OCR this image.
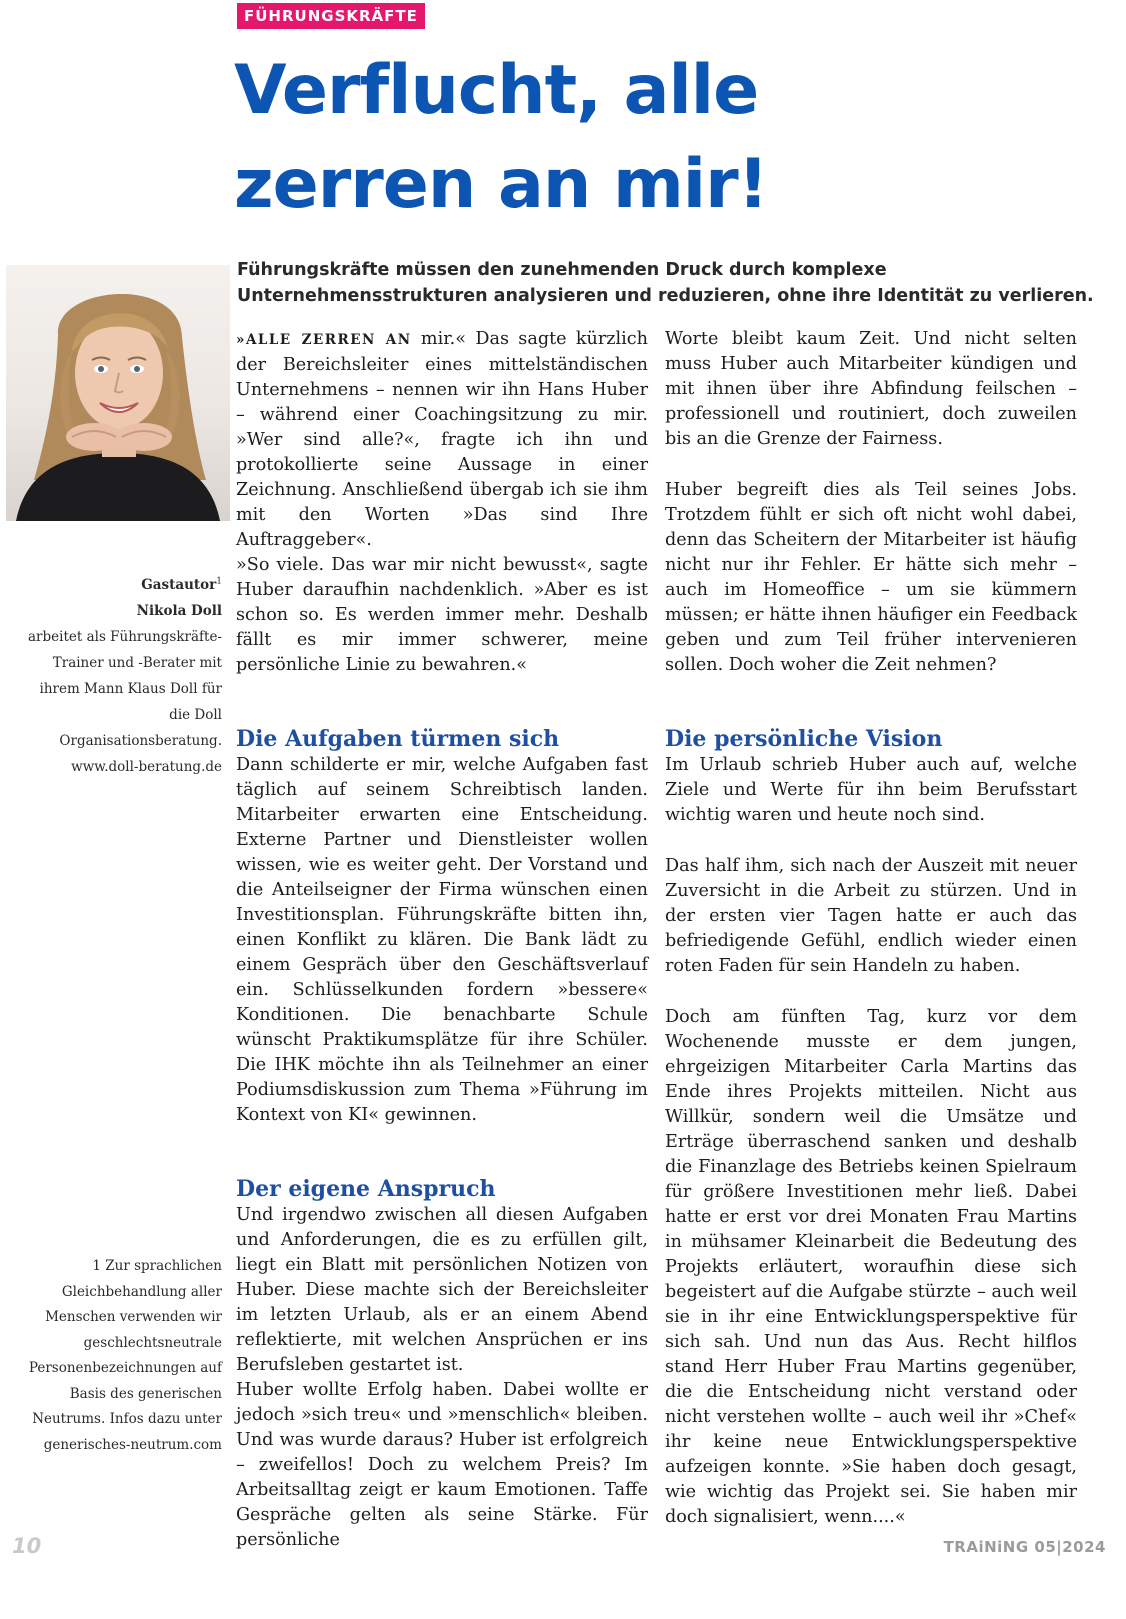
FÜHRUNGSKRÄFTE
Verflucht, alle
zerren an mir!

Führungskräfte müssen den zunehmenden Druck durch komplexe Unternehmensstrukturen analysieren und reduzieren, ohne ihre Identität zu verlieren.

Gastautor$^1$
Nikola Doll
arbeitet als Führungskräfte-Trainer und -Berater mit ihrem Mann Klaus Doll für die Doll Organisationsberatung.
www.doll-beratung.de
1 Zur sprachlichen Gleichbehandlung aller Menschen verwenden wir geschlechtsneutrale Personenbezeichnungen auf Basis des generischen Neutrums. Infos dazu unter generisches-neutrum.com

»ALLE ZERREN AN mir.« Das sagte kürzlich der Bereichsleiter eines mittelständischen Unternehmens – nennen wir ihn Hans Huber – während einer Coachingsitzung zu mir. »Wer sind alle?«, fragte ich ihn und protokollierte seine Aussage in einer Zeichnung. Anschließend übergab ich sie ihm mit den Worten »Das sind Ihre Auftraggeber«.

»So viele. Das war mir nicht bewusst«, sagte Huber daraufhin nachdenklich. »Aber es ist schon so. Es werden immer mehr. Deshalb fällt es mir immer schwerer, meine persönliche Linie zu bewahren.«

Die Aufgaben türmen sich

Dann schilderte er mir, welche Aufgaben fast täglich auf seinem Schreibtisch landen. Mitarbeiter erwarten eine Entscheidung. Externe Partner und Dienstleister wollen wissen, wie es weiter geht. Der Vorstand und die Anteilseigner der Firma wünschen einen Investitionsplan. Führungskräfte bitten ihn, einen Konflikt zu klären. Die Bank lädt zu einem Gespräch über den Geschäftsverlauf ein. Schlüsselkunden fordern »bessere« Konditionen. Die benachbarte Schule wünscht Praktikumsplätze für ihre Schüler. Die IHK möchte ihn als Teilnehmer an einer Podiumsdiskussion zum Thema »Führung im Kontext von KI« gewinnen.

Der eigene Anspruch

Und irgendwo zwischen all diesen Aufgaben und Anforderungen, die es zu erfüllen gilt, liegt ein Blatt mit persönlichen Notizen von Huber. Diese machte sich der Bereichsleiter im letzten Urlaub, als er an einem Abend reflektierte, mit welchen Ansprüchen er ins Berufsleben gestartet ist.

Huber wollte Erfolg haben. Dabei wollte er jedoch »sich treu« und »menschlich« bleiben. Und was wurde daraus? Huber ist erfolgreich – zweifellos! Doch zu welchem Preis? Im Arbeitsalltag zeigt er kaum Emotionen. Taffe Gespräche gelten als seine Stärke. Für persönliche

Worte bleibt kaum Zeit. Und nicht selten muss Huber auch Mitarbeiter kündigen und mit ihnen über ihre Abfindung feilschen – professionell und routiniert, doch zuweilen bis an die Grenze der Fairness.

Huber begreift dies als Teil seines Jobs. Trotzdem fühlt er sich oft nicht wohl dabei, denn das Scheitern der Mitarbeiter ist häufig nicht nur ihr Fehler. Er hätte sich mehr – auch im Homeoffice – um sie kümmern müssen; er hätte ihnen häufiger ein Feedback geben und zum Teil früher intervenieren sollen. Doch woher die Zeit nehmen?

Die persönliche Vision

Im Urlaub schrieb Huber auch auf, welche Ziele und Werte für ihn beim Berufsstart wichtig waren und heute noch sind.

Das half ihm, sich nach der Auszeit mit neuer Zuversicht in die Arbeit zu stürzen. Und in der ersten vier Tagen hatte er auch das befriedigende Gefühl, endlich wieder einen roten Faden für sein Handeln zu haben.

Doch am fünften Tag, kurz vor dem Wochenende musste er dem jungen, ehrgeizigen Mitarbeiter Carla Martins das Ende ihres Projekts mitteilen. Nicht aus Willkür, sondern weil die Umsätze und Erträge überraschend sanken und deshalb die Finanzlage des Betriebs keinen Spielraum für größere Investitionen mehr ließ. Dabei hatte er erst vor drei Monaten Frau Martins in mühsamer Kleinarbeit die Bedeutung des Projekts erläutert, woraufhin diese sich begeistert auf die Aufgabe stürzte – auch weil sie in ihr eine Entwicklungsperspektive für sich sah. Und nun das Aus. Recht hilflos stand Herr Huber Frau Martins gegenüber, die die Entscheidung nicht verstand oder nicht verstehen wollte – auch weil ihr »Chef« ihr keine neue Entwicklungsperspektive aufzeigen konnte. »Sie haben doch gesagt, wie wichtig das Projekt sei. Sie haben mir doch signalisiert, wenn....«

10	TRAiNiNG 05|2024
